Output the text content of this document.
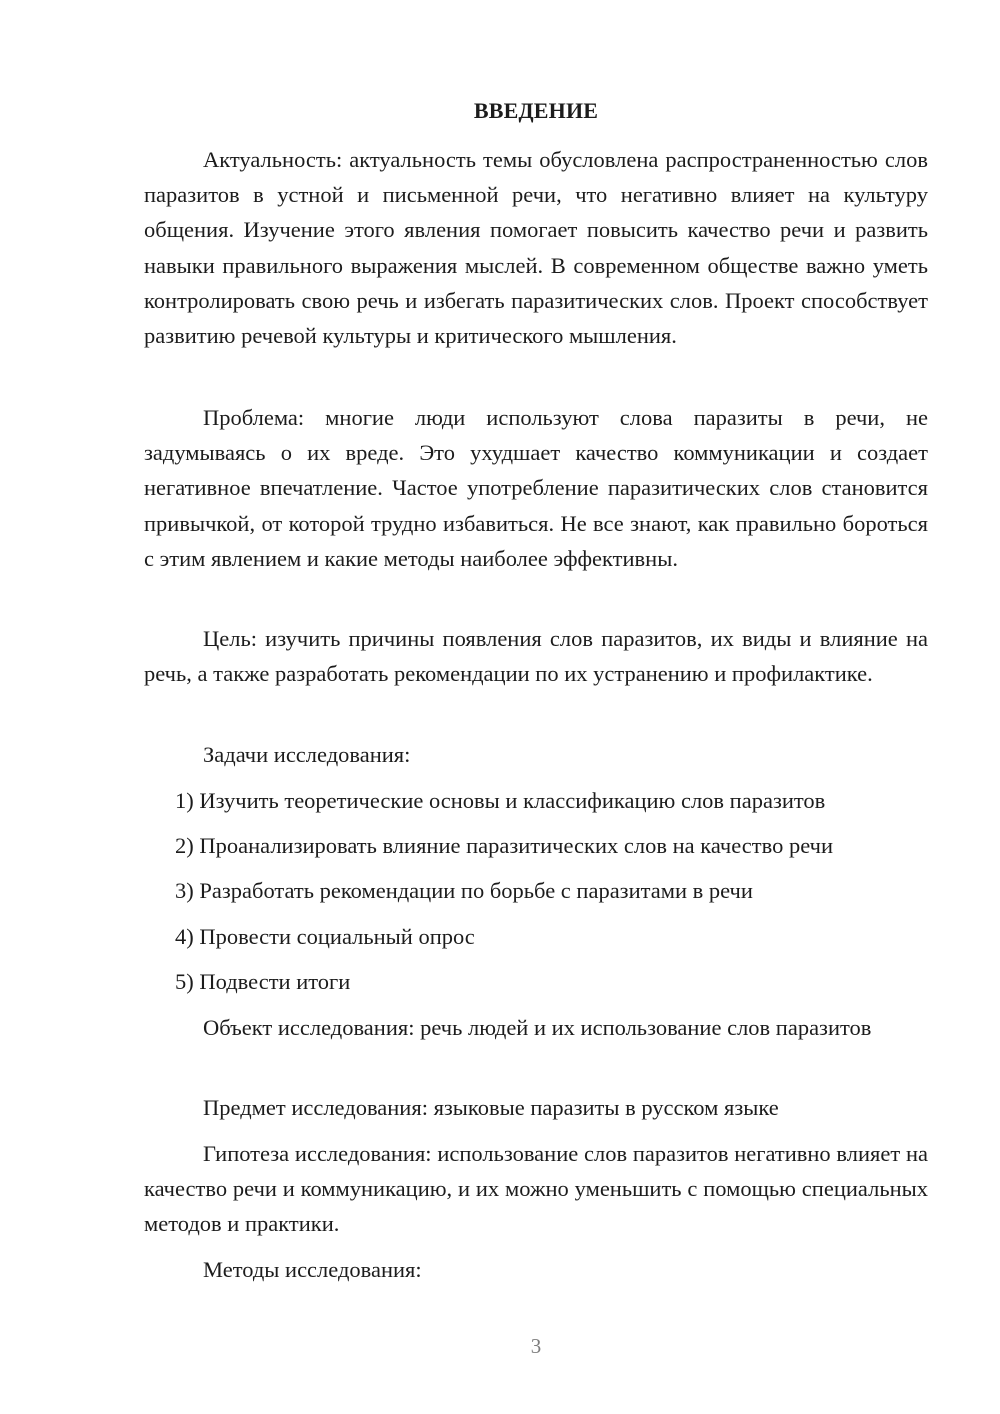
ВВЕДЕНИЕ

Актуальность: актуальность темы обусловлена распространенностью слов паразитов в устной и письменной речи, что негативно влияет на культуру общения. Изучение этого явления помогает повысить качество речи и развить навыки правильного выражения мыслей. В современном обществе важно уметь контролировать свою речь и избегать паразитических слов. Проект способствует развитию речевой культуры и критического мышления.

Проблема: многие люди используют слова паразиты в речи, не задумываясь о их вреде. Это ухудшает качество коммуникации и создает негативное впечатление. Частое употребление паразитических слов становится привычкой, от которой трудно избавиться. Не все знают, как правильно бороться с этим явлением и какие методы наиболее эффективны.

Цель: изучить причины появления слов паразитов, их виды и влияние на речь, а также разработать рекомендации по их устранению и профилактике.

Задачи исследования:
1) Изучить теоретические основы и классификацию слов паразитов
2) Проанализировать влияние паразитических слов на качество речи
3) Разработать рекомендации по борьбе с паразитами в речи
4) Провести социальный опрос
5) Подвести итоги

Объект исследования: речь людей и их использование слов паразитов

Предмет исследования: языковые паразиты в русском языке

Гипотеза исследования: использование слов паразитов негативно влияет на качество речи и коммуникацию, и их можно уменьшить с помощью специальных методов и практики.

Методы исследования:
3
